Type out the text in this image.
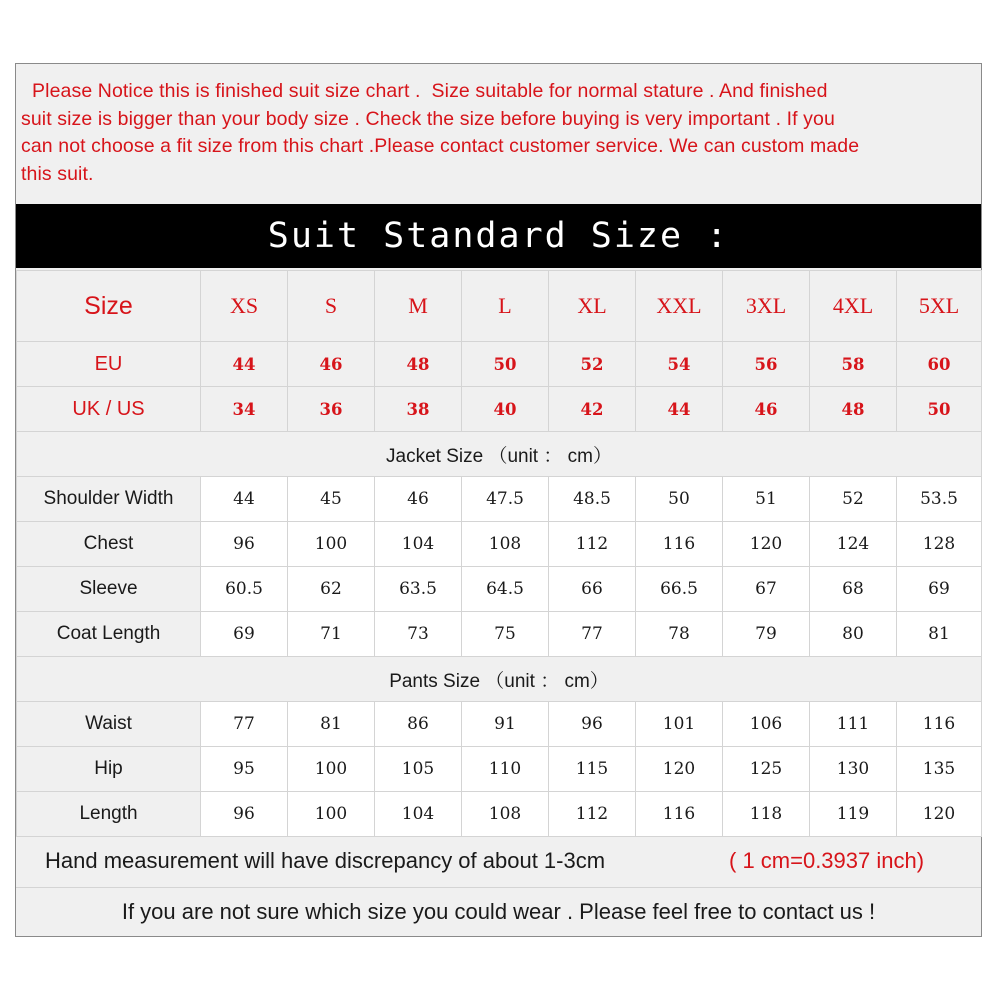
Please Notice this is finished suit size chart .  Size suitable for normal stature . And finished
suit size is bigger than your body size . Check the size before buying is very important . If you
can not choose a fit size from this chart .Please contact customer service. We can custom made
this suit.
Suit Standard Size :
Size	XS	S	M	L	XL	XXL	3XL	4XL	5XL
EU	44	46	48	50	52	54	56	58	60
UK / US	34	36	38	40	42	44	46	48	50
Jacket Size （unit ： cm）									
Shoulder Width	44	45	46	47.5	48.5	50	51	52	53.5
Chest	96	100	104	108	112	116	120	124	128
Sleeve	60.5	62	63.5	64.5	66	66.5	67	68	69
Coat Length	69	71	73	75	77	78	79	80	81
Pants Size （unit ： cm）									
Waist	77	81	86	91	96	101	106	111	116
Hip	95	100	105	110	115	120	125	130	135
Length	96	100	104	108	112	116	118	119	120
Hand measurement will have discrepancy of about 1-3cm	( 1 cm=0.3937 inch)
If you are not sure which size you could wear . Please feel free to contact us !
